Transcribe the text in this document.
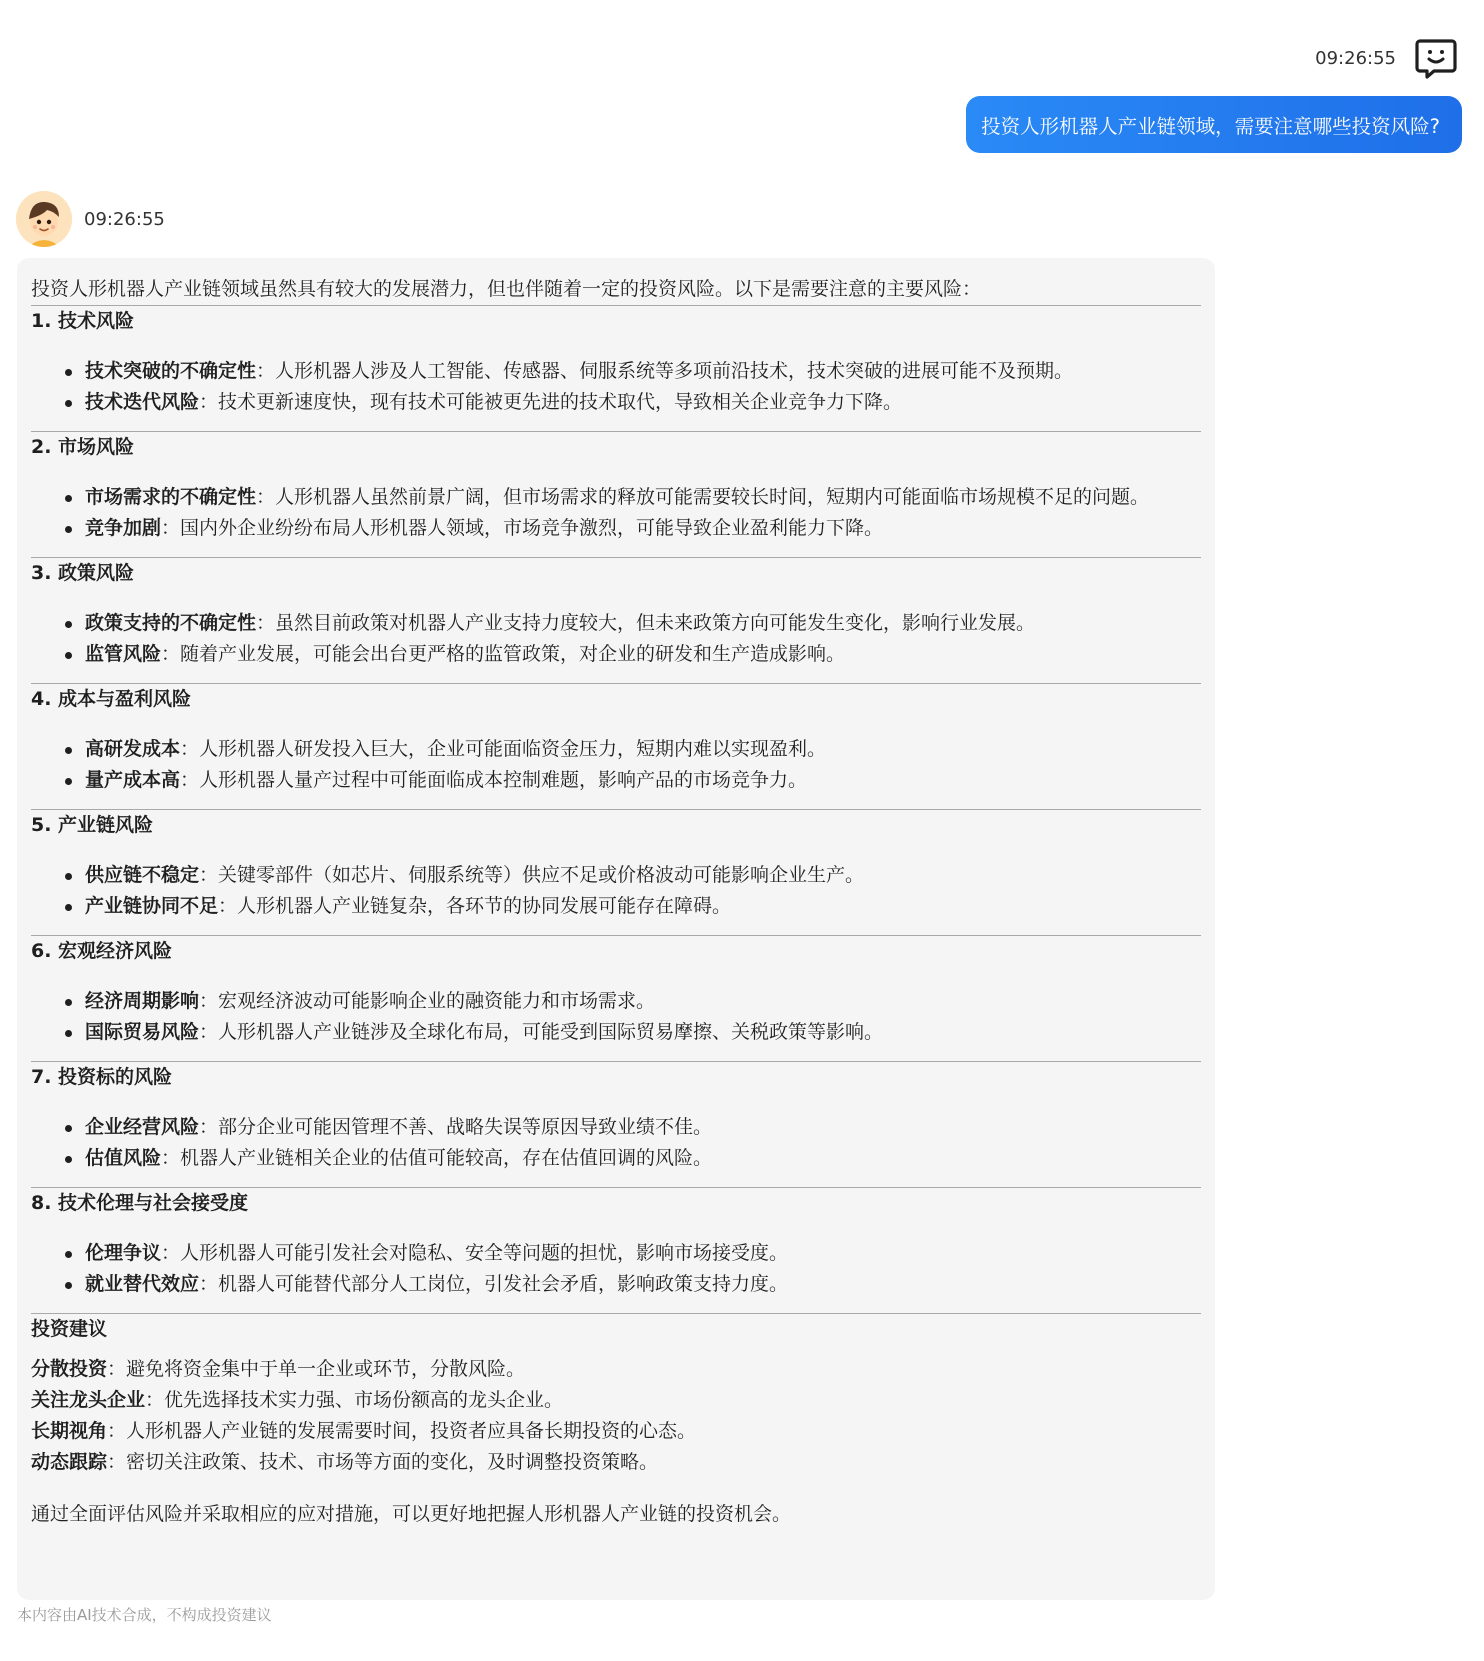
09:26:55
投资人形机器人产业链领域，需要注意哪些投资风险?
09:26:55

投资人形机器人产业链领域虽然具有较大的发展潜力，但也伴随着一定的投资风险。以下是需要注意的主要风险：

1. 技术风险
技术突破的不确定性：人形机器人涉及人工智能、传感器、伺服系统等多项前沿技术，技术突破的进展可能不及预期。
技术迭代风险：技术更新速度快，现有技术可能被更先进的技术取代，导致相关企业竞争力下降。
2. 市场风险
市场需求的不确定性：人形机器人虽然前景广阔，但市场需求的释放可能需要较长时间，短期内可能面临市场规模不足的问题。
竞争加剧：国内外企业纷纷布局人形机器人领域，市场竞争激烈，可能导致企业盈利能力下降。
3. 政策风险
政策支持的不确定性：虽然目前政策对机器人产业支持力度较大，但未来政策方向可能发生变化，影响行业发展。
监管风险：随着产业发展，可能会出台更严格的监管政策，对企业的研发和生产造成影响。
4. 成本与盈利风险
高研发成本：人形机器人研发投入巨大，企业可能面临资金压力，短期内难以实现盈利。
量产成本高：人形机器人量产过程中可能面临成本控制难题，影响产品的市场竞争力。
5. 产业链风险
供应链不稳定：关键零部件（如芯片、伺服系统等）供应不足或价格波动可能影响企业生产。
产业链协同不足：人形机器人产业链复杂，各环节的协同发展可能存在障碍。
6. 宏观经济风险
经济周期影响：宏观经济波动可能影响企业的融资能力和市场需求。
国际贸易风险：人形机器人产业链涉及全球化布局，可能受到国际贸易摩擦、关税政策等影响。
7. 投资标的风险
企业经营风险：部分企业可能因管理不善、战略失误等原因导致业绩不佳。
估值风险：机器人产业链相关企业的估值可能较高，存在估值回调的风险。
8. 技术伦理与社会接受度
伦理争议：人形机器人可能引发社会对隐私、安全等问题的担忧，影响市场接受度。
就业替代效应：机器人可能替代部分人工岗位，引发社会矛盾，影响政策支持力度。
投资建议

分散投资：避免将资金集中于单一企业或环节，分散风险。

关注龙头企业：优先选择技术实力强、市场份额高的龙头企业。

长期视角：人形机器人产业链的发展需要时间，投资者应具备长期投资的心态。

动态跟踪：密切关注政策、技术、市场等方面的变化，及时调整投资策略。

通过全面评估风险并采取相应的应对措施，可以更好地把握人形机器人产业链的投资机会。

本内容由AI技术合成，不构成投资建议
